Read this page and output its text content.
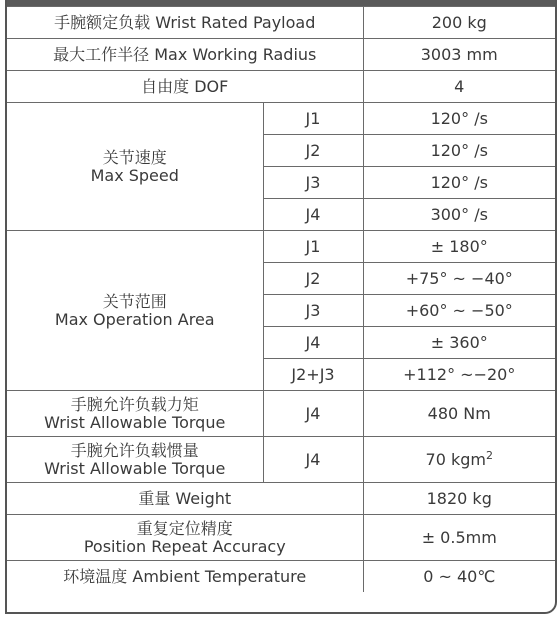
手腕额定负载 Wrist Rated Payload		200 kg
最大工作半径 Max Working Radius		3003 mm
自由度 DOF		4

关节速度
Max Speed	J1	120° /s
	J2	120° /s
	J3	120° /s
	J4	300° /s

关节范围
Max Operation Area	J1	± 180°
	J2	+75° ~ −40°
	J3	+60° ~ −50°
	J4	± 360°
	J2+J3	+112° ~−20°

手腕允许负载力矩
Wrist Allowable Torque	J4	480 Nm

手腕允许负载惯量
Wrist Allowable Torque	J4	70 kgm$^2$
重量 Weight		1820 kg

重复定位精度
Position Repeat Accuracy		± 0.5mm
环境温度 Ambient Temperature		0 ~ 40℃
